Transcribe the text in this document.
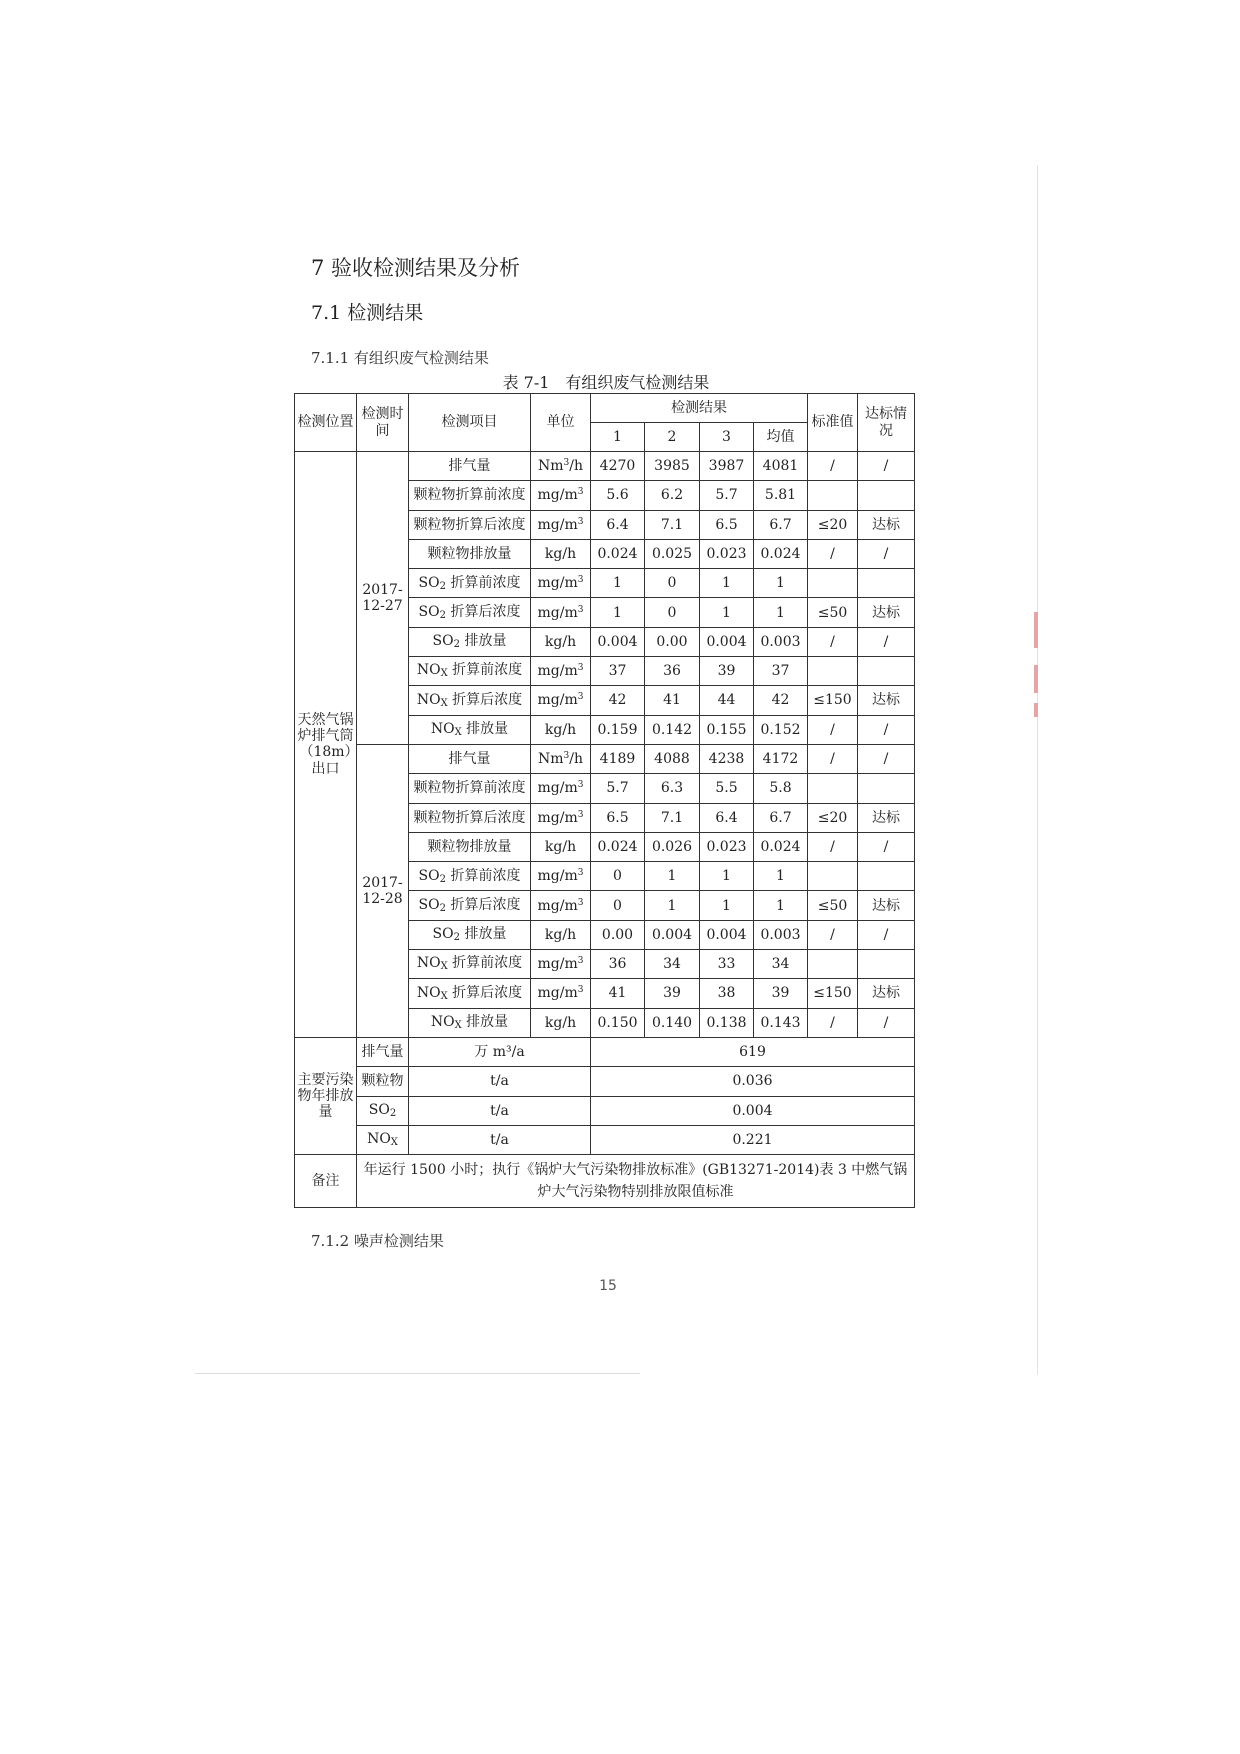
7 验收检测结果及分析
7.1 检测结果
7.1.1 有组织废气检测结果
表 7-1　有组织废气检测结果
检测位置	检测时间	检测项目	单位	检测结果				标准值	达标情况
				1	2	3	均值		
天然气锅炉排气筒（18m）出口	2017-12-27	排气量	Nm$^3$/h	4270	3985	3987	4081	/	/
		颗粒物折算前浓度	$mg/m^3$	5.6	6.2	5.7	5.81		
		颗粒物折算后浓度	$mg/m^3$	6.4	7.1	6.5	6.7	≤20	达标
		颗粒物排放量	kg/h	0.024	0.025	0.023	0.024	/	/
		$SO_2$ 折算前浓度	$mg/m^3$	1	0	1	1		
		$SO_2$ 折算后浓度	$mg/m^3$	1	0	1	1	≤50	达标
		$SO_2$ 排放量	kg/h	0.004	0.00	0.004	0.003	/	/
		$NO_X$ 折算前浓度	$mg/m^3$	37	36	39	37		
		$NO_X$ 折算后浓度	$mg/m^3$	42	41	44	42	≤150	达标
		$NO_X$ 排放量	kg/h	0.159	0.142	0.155	0.152	/	/
	2017-12-28	排气量	Nm$^3$/h	4189	4088	4238	4172	/	/
		颗粒物折算前浓度	$mg/m^3$	5.7	6.3	5.5	5.8		
		颗粒物折算后浓度	$mg/m^3$	6.5	7.1	6.4	6.7	≤20	达标
		颗粒物排放量	kg/h	0.024	0.026	0.023	0.024	/	/
		$SO_2$ 折算前浓度	$mg/m^3$	0	1	1	1		
		$SO_2$ 折算后浓度	$mg/m^3$	0	1	1	1	≤50	达标
		$SO_2$ 排放量	kg/h	0.00	0.004	0.004	0.003	/	/
		$NO_X$ 折算前浓度	$mg/m^3$	36	34	33	34		
		$NO_X$ 折算后浓度	$mg/m^3$	41	39	38	39	≤150	达标
		$NO_X$ 排放量	kg/h	0.150	0.140	0.138	0.143	/	/
主要污染物年排放量	排气量	万 m³/a		619					
	颗粒物	t/a		0.036					
	$SO_2$	t/a		0.004					
	$NO_X$	t/a		0.221					
备注	年运行 1500 小时；执行《锅炉大气污染物排放标准》(GB13271-2014)表 3 中燃气锅炉大气污染物特别排放限值标准								
7.1.2 噪声检测结果
15
